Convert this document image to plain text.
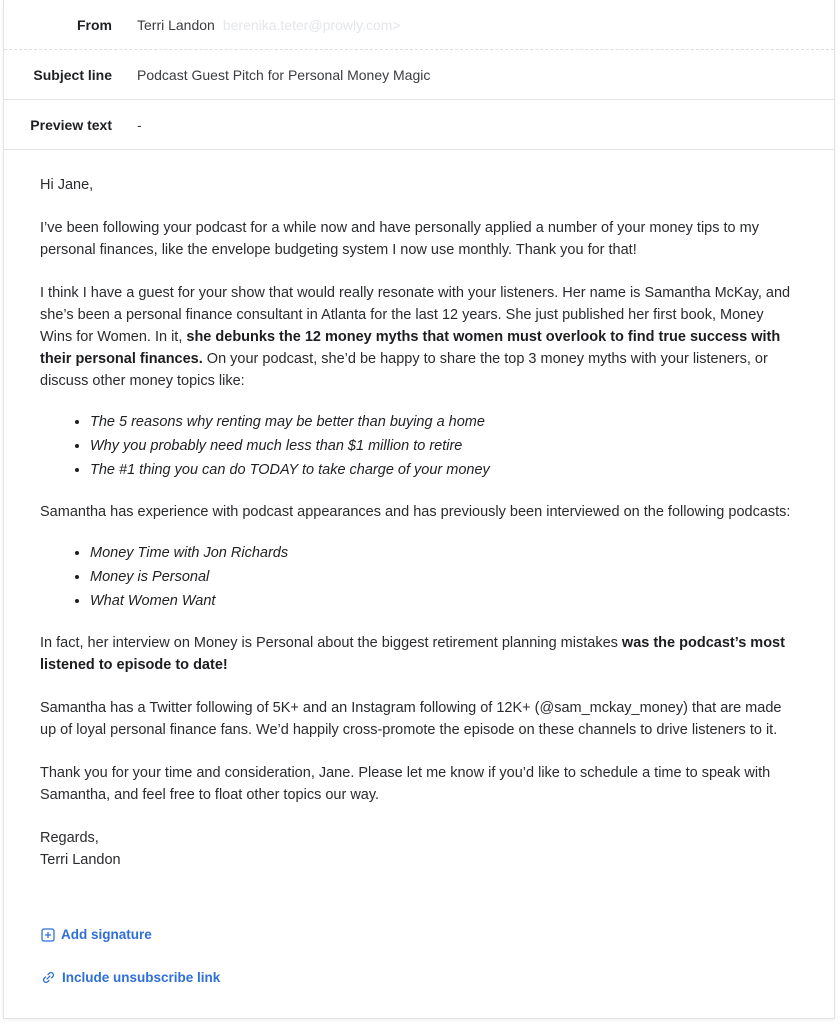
From Terri Landon berenika.teter@prowly.com>
Subject line Podcast Guest Pitch for Personal Money Magic
Preview text -

Hi Jane,

I’ve been following your podcast for a while now and have personally applied a number of your money tips to my personal finances, like the envelope budgeting system I now use monthly. Thank you for that!

I think I have a guest for your show that would really resonate with your listeners. Her name is Samantha McKay, and she’s been a personal finance consultant in Atlanta for the last 12 years. She just published her first book, Money Wins for Women. In it, she debunks the 12 money myths that women must overlook to find true success with their personal finances. On your podcast, she’d be happy to share the top 3 money myths with your listeners, or discuss other money topics like:

• The 5 reasons why renting may be better than buying a home
• Why you probably need much less than $1 million to retire
• The #1 thing you can do TODAY to take charge of your money

Samantha has experience with podcast appearances and has previously been interviewed on the following podcasts:

• Money Time with Jon Richards
• Money is Personal
• What Women Want

In fact, her interview on Money is Personal about the biggest retirement planning mistakes was the podcast’s most listened to episode to date!

Samantha has a Twitter following of 5K+ and an Instagram following of 12K+ (@sam_mckay_money) that are made up of loyal personal finance fans. We’d happily cross-promote the episode on these channels to drive listeners to it.

Thank you for your time and consideration, Jane. Please let me know if you’d like to schedule a time to speak with Samantha, and feel free to float other topics our way.

Regards,
Terri Landon

Add signature
Include unsubscribe link
